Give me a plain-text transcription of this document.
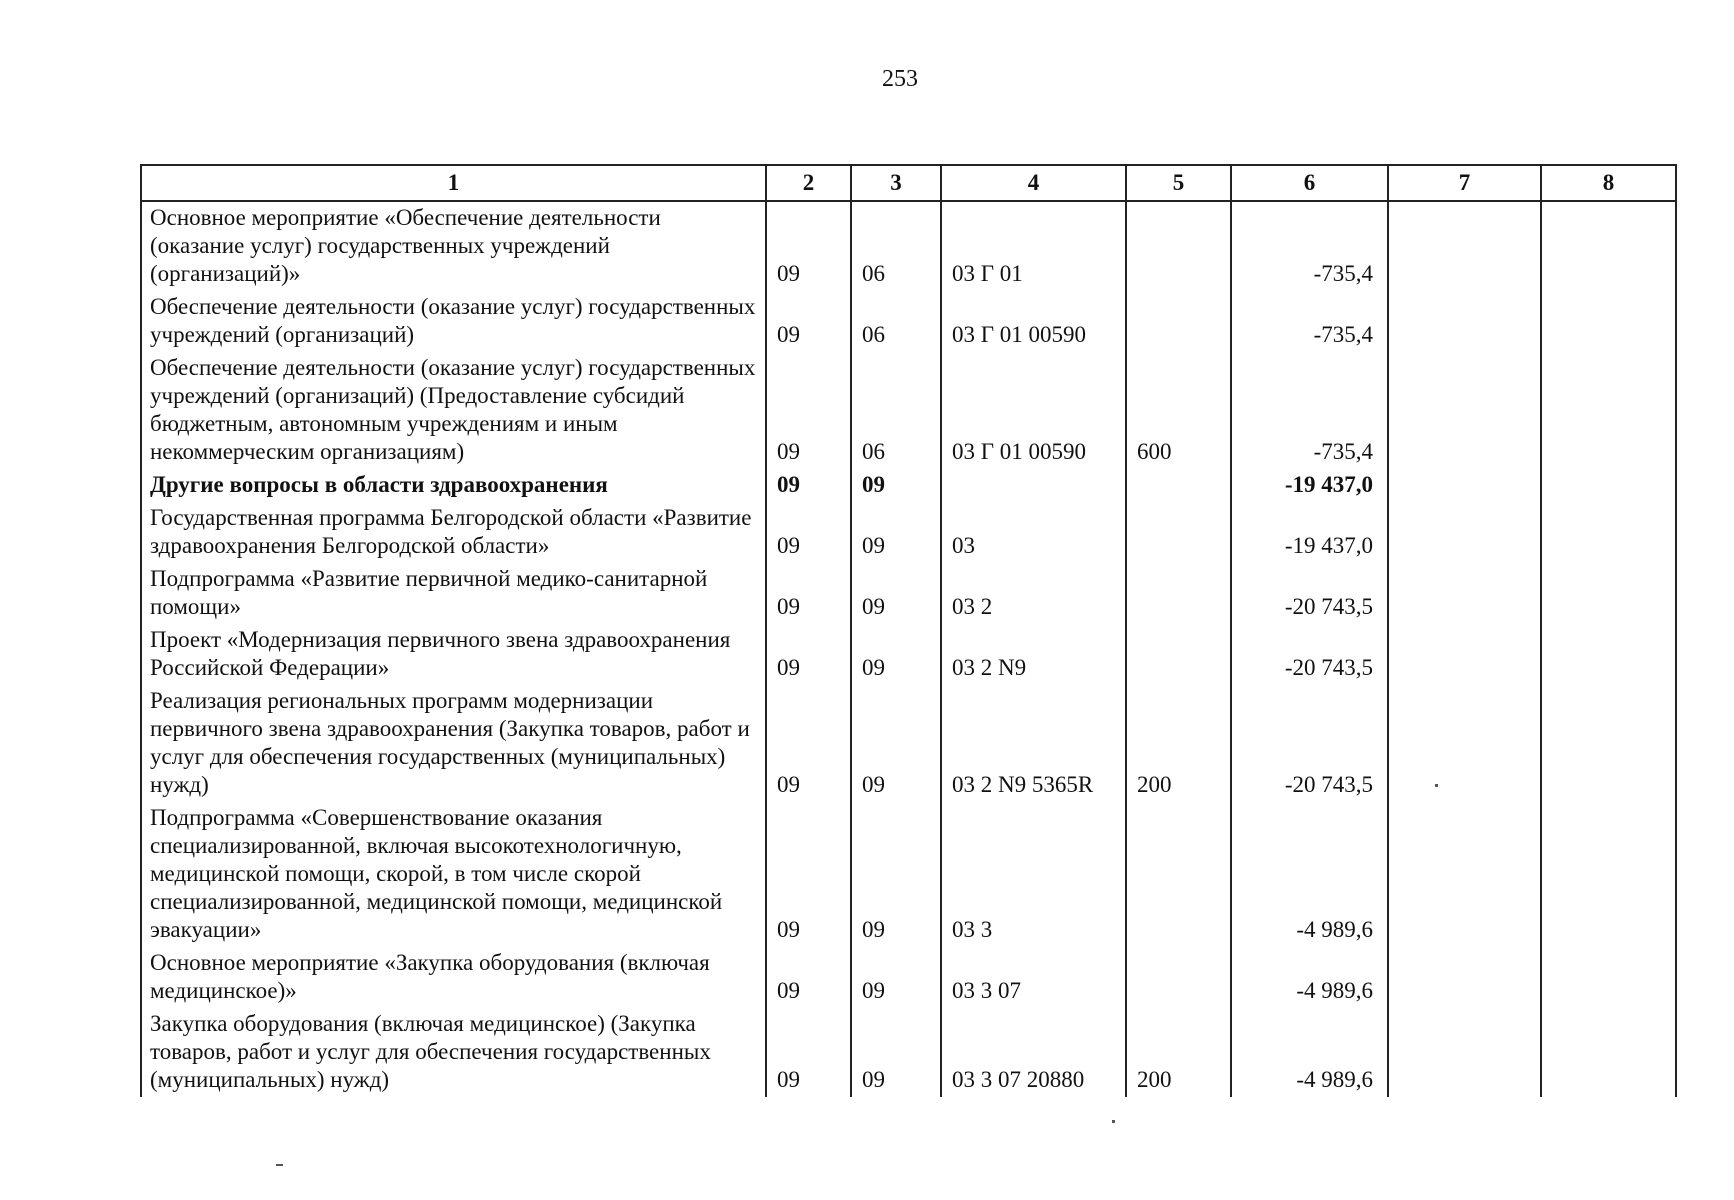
253
1	2	3	4	5	6	7	8
Основное мероприятие «Обеспечение деятельности (оказание услуг) государственных учреждений (организаций)»	09	06	03 Г 01		-735,4		
Обеспечение деятельности (оказание услуг) государственных учреждений (организаций)	09	06	03 Г 01 00590		-735,4		
Обеспечение деятельности (оказание услуг) государственных учреждений (организаций) (Предоставление субсидий бюджетным, автономным учреждениям и иным некоммерческим организациям)	09	06	03 Г 01 00590	600	-735,4		
Другие вопросы в области здравоохранения	09	09			-19 437,0		
Государственная программа Белгородской области «Развитие здравоохранения Белгородской области»	09	09	03		-19 437,0		
Подпрограмма «Развитие первичной медико-санитарной помощи»	09	09	03 2		-20 743,5		
Проект «Модернизация первичного звена здравоохранения Российской Федерации»	09	09	03 2 N9		-20 743,5		
Реализация региональных программ модернизации первичного звена здравоохранения (Закупка товаров, работ и услуг для обеспечения государственных (муниципальных) нужд)	09	09	03 2 N9 5365R	200	-20 743,5		
Подпрограмма «Совершенствование оказания специализированной, включая высокотехнологичную, медицинской помощи, скорой, в том числе скорой специализированной, медицинской помощи, медицинской эвакуации»	09	09	03 3		-4 989,6		
Основное мероприятие «Закупка оборудования (включая медицинское)»	09	09	03 3 07		-4 989,6		
Закупка оборудования (включая медицинское) (Закупка товаров, работ и услуг для обеспечения государственных (муниципальных) нужд)	09	09	03 3 07 20880	200	-4 989,6		
